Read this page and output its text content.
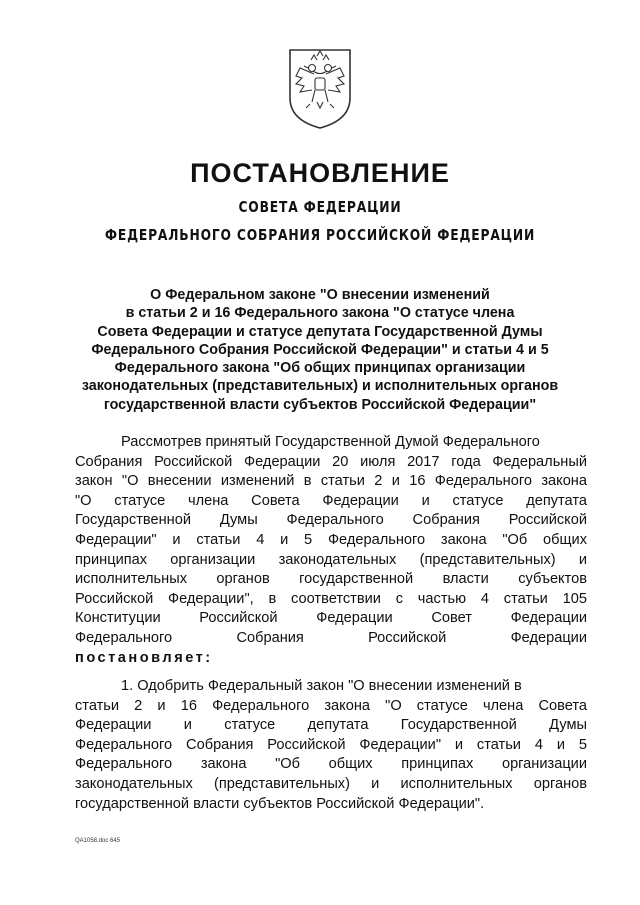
ПОСТАНОВЛЕНИЕ
СОВЕТА ФЕДЕРАЦИИ
ФЕДЕРАЛЬНОГО СОБРАНИЯ РОССИЙСКОЙ ФЕДЕРАЦИИ
О Федеральном законе "О внесении изменений
в статьи 2 и 16 Федерального закона "О статусе члена
Совета Федерации и статусе депутата Государственной Думы
Федерального Собрания Российской Федерации" и статьи 4 и 5
Федерального закона "Об общих принципах организации
законодательных (представительных) и исполнительных органов
государственной власти субъектов Российской Федерации"
Рассмотрев принятый Государственной Думой Федерального
Собрания Российской Федерации 20 июля 2017 года Федеральный
закон "О внесении изменений в статьи 2 и 16 Федерального закона
"О статусе члена Совета Федерации и статусе депутата
Государственной Думы Федерального Собрания Российской
Федерации" и статьи 4 и 5 Федерального закона "Об общих
принципах организации законодательных (представительных) и
исполнительных органов государственной власти субъектов
Российской Федерации", в соответствии с частью 4 статьи 105
Конституции Российской Федерации Совет Федерации
Федерального Собрания Российской Федерации
постановляет:
1. Одобрить Федеральный закон "О внесении изменений в
статьи 2 и 16 Федерального закона "О статусе члена Совета
Федерации и статусе депутата Государственной Думы
Федерального Собрания Российской Федерации" и статьи 4 и 5
Федерального закона "Об общих принципах организации
законодательных (представительных) и исполнительных органов
государственной власти субъектов Российской Федерации".
QA1058.doc 645
